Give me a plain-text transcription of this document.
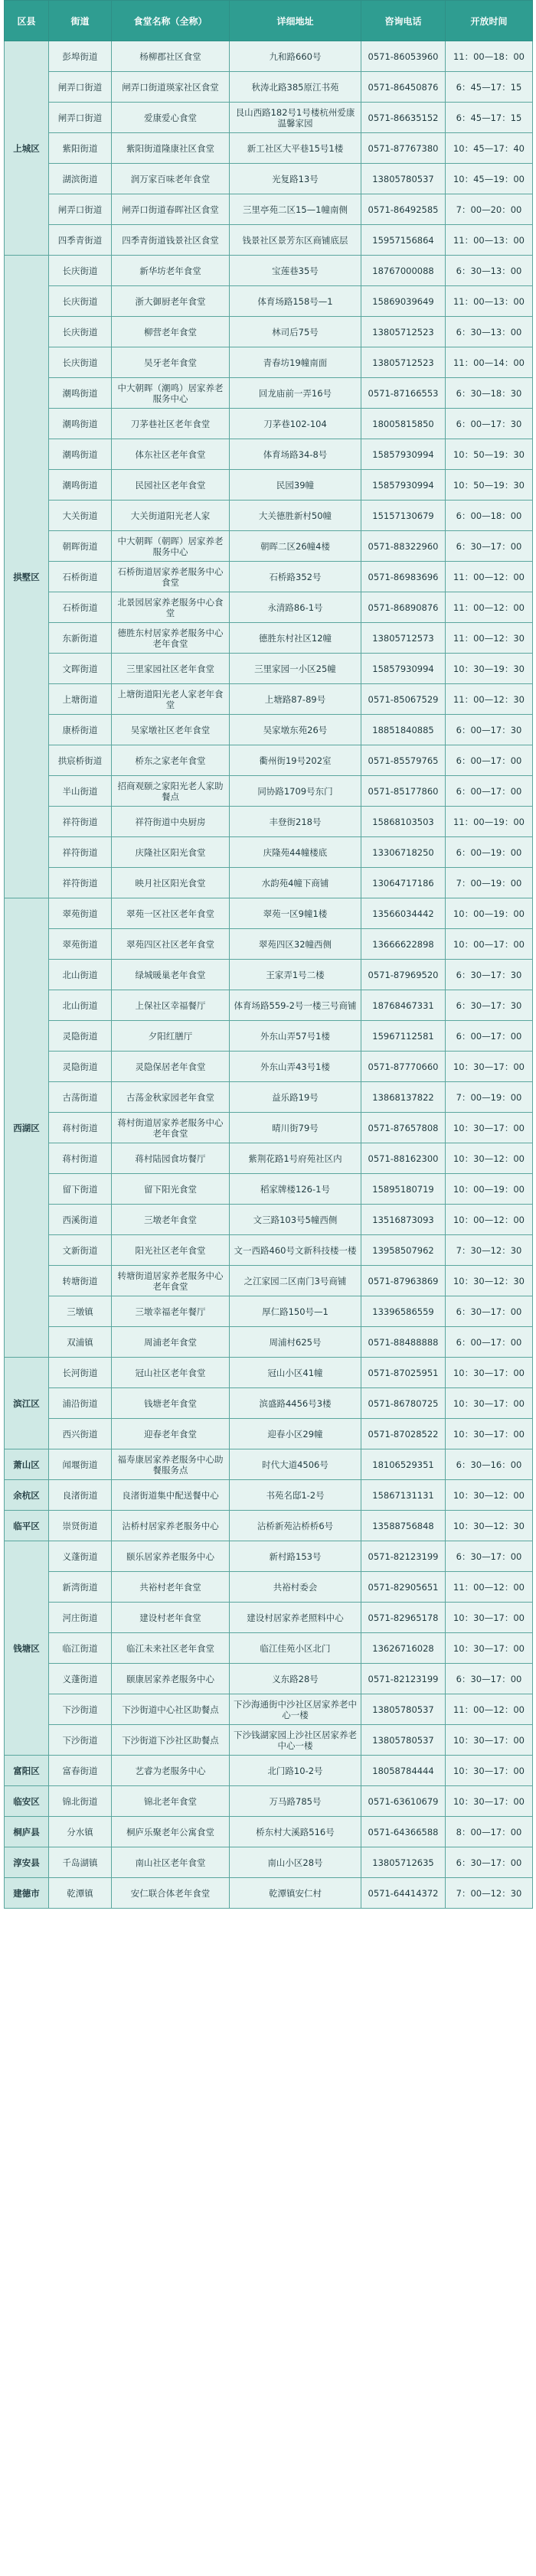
区县	街道	食堂名称（全称）	详细地址	咨询电话	开放时间
上城区	彭埠街道	杨柳郡社区食堂	九和路660号	0571-86053960	11：00—18：00
	闸弄口街道	闸弄口街道瑛家社区食堂	秋涛北路385原江书苑	0571-86450876	6：45—17：15
	闸弄口街道	爱康爱心食堂	艮山西路182号1号楼杭州爱康温馨家园	0571-86635152	6：45—17：15
	紫阳街道	紫阳街道隆康社区食堂	新工社区大平巷15号1楼	0571-87767380	10：45—17：40
	湖滨街道	润万家百味老年食堂	光复路13号	13805780537	10：45—19：00
	闸弄口街道	闸弄口街道春晖社区食堂	三里亭苑二区15—1幢南侧	0571-86492585	7：00—20：00
	四季青街道	四季青街道钱景社区食堂	钱景社区景芳东区商铺底层	15957156864	11：00—13：00
拱墅区	长庆街道	新华坊老年食堂	宝莲巷35号	18767000088	6：30—13：00
	长庆街道	浙大御厨老年食堂	体育场路158号—1	15869039649	11：00—13：00
	长庆街道	柳营老年食堂	林司后75号	13805712523	6：30—13：00
	长庆街道	吴牙老年食堂	青春坊19幢南面	13805712523	11：00—14：00
	潮鸣街道	中大朝晖（潮鸣）居家养老服务中心	回龙庙前一弄16号	0571-87166553	6：30—18：30
	潮鸣街道	刀茅巷社区老年食堂	刀茅巷102-104	18005815850	6：00—17：30
	潮鸣街道	体东社区老年食堂	体育场路34-8号	15857930994	10：50—19：30
	潮鸣街道	民园社区老年食堂	民园39幢	15857930994	10：50—19：30
	大关街道	大关街道阳光老人家	大关德胜新村50幢	15157130679	6：00—18：00
	朝晖街道	中大朝晖（朝晖）居家养老服务中心	朝晖二区26幢4楼	0571-88322960	6：30—17：00
	石桥街道	石桥街道居家养老服务中心食堂	石桥路352号	0571-86983696	11：00—12：00
	石桥街道	北景园居家养老服务中心食堂	永清路86-1号	0571-86890876	11：00—12：00
	东新街道	德胜东村居家养老服务中心老年食堂	德胜东村社区12幢	13805712573	11：00—12：30
	文晖街道	三里家园社区老年食堂	三里家园一小区25幢	15857930994	10：30—19：30
	上塘街道	上塘街道阳光老人家老年食堂	上塘路87-89号	0571-85067529	11：00—12：30
	康桥街道	吴家墩社区老年食堂	吴家墩东苑26号	18851840885	6：00—17：30
	拱宸桥街道	桥东之家老年食堂	衢州街19号202室	0571-85579765	6：00—17：00
	半山街道	招商观颐之家阳光老人家助餐点	同协路1709号东门	0571-85177860	6：00—17：00
	祥符街道	祥符街道中央厨房	丰登街218号	15868103503	11：00—19：00
	祥符街道	庆隆社区阳光食堂	庆隆苑44幢楼底	13306718250	6：00—19：00
	祥符街道	映月社区阳光食堂	水韵苑4幢下商铺	13064717186	7：00—19：00
西湖区	翠苑街道	翠苑一区社区老年食堂	翠苑一区9幢1楼	13566034442	10：00—19：00
	翠苑街道	翠苑四区社区老年食堂	翠苑四区32幢西侧	13666622898	10：00—17：00
	北山街道	绿城暖巢老年食堂	王家弄1号二楼	0571-87969520	6：30—17：30
	北山街道	上保社区幸福餐厅	体育场路559-2号一楼三号商铺	18768467331	6：30—17：30
	灵隐街道	夕阳红膳厅	外东山弄57号1楼	15967112581	6：00—17：00
	灵隐街道	灵隐保居老年食堂	外东山弄43号1楼	0571-87770660	10：30—17：00
	古荡街道	古荡金秋家园老年食堂	益乐路19号	13868137822	7：00—19：00
	蒋村街道	蒋村街道居家养老服务中心老年食堂	晴川街79号	0571-87657808	10：30—17：00
	蒋村街道	蒋村陆园食坊餐厅	紫荆花路1号府苑社区内	0571-88162300	10：30—12：00
	留下街道	留下阳光食堂	稻家牌楼126-1号	15895180719	10：00—19：00
	西溪街道	三墩老年食堂	文三路103号5幢西侧	13516873093	10：00—12：00
	文新街道	阳光社区老年食堂	文一西路460号文新科技楼一楼	13958507962	7：30—12：30
	转塘街道	转塘街道居家养老服务中心老年食堂	之江家园二区南门3号商铺	0571-87963869	10：30—12：30
	三墩镇	三墩幸福老年餐厅	厚仁路150号—1	13396586559	6：30—17：00
	双浦镇	周浦老年食堂	周浦村625号	0571-88488888	6：00—17：00
滨江区	长河街道	冠山社区老年食堂	冠山小区41幢	0571-87025951	10：30—17：00
	浦沿街道	钱塘老年食堂	滨盛路4456号3楼	0571-86780725	10：30—17：00
	西兴街道	迎春老年食堂	迎春小区29幢	0571-87028522	10：30—17：00
萧山区	闻堰街道	福寿康居家养老服务中心助餐服务点	时代大道4506号	18106529351	6：30—16：00
余杭区	良渚街道	良渚街道集中配送餐中心	书苑名邸1-2号	15867131131	10：30—12：00
临平区	崇贤街道	沾桥村居家养老服务中心	沾桥新苑沾桥桥6号	13588756848	10：30—12：30
钱塘区	义蓬街道	颐乐居家养老服务中心	新村路153号	0571-82123199	6：30—17：00
	新湾街道	共裕村老年食堂	共裕村委会	0571-82905651	11：00—12：00
	河庄街道	建设村老年食堂	建设村居家养老照料中心	0571-82965178	10：30—17：00
	临江街道	临江未来社区老年食堂	临江佳苑小区北门	13626716028	10：30—17：00
	义蓬街道	颐康居家养老服务中心	义东路28号	0571-82123199	6：30—17：00
	下沙街道	下沙街道中心社区助餐点	下沙海通街中沙社区居家养老中心一楼	13805780537	11：00—12：00
	下沙街道	下沙街道下沙社区助餐点	下沙钱湖家园上沙社区居家养老中心一楼	13805780537	10：30—17：00
富阳区	富春街道	艺睿为老服务中心	北门路10-2号	18058784444	10：30—17：00
临安区	锦北街道	锦北老年食堂	万马路785号	0571-63610679	10：30—17：00
桐庐县	分水镇	桐庐乐聚老年公寓食堂	桥东村大溪路516号	0571-64366588	8：00—17：00
淳安县	千岛湖镇	南山社区老年食堂	南山小区28号	13805712635	6：30—17：00
建德市	乾潭镇	安仁联合体老年食堂	乾潭镇安仁村	0571-64414372	7：00—12：30
